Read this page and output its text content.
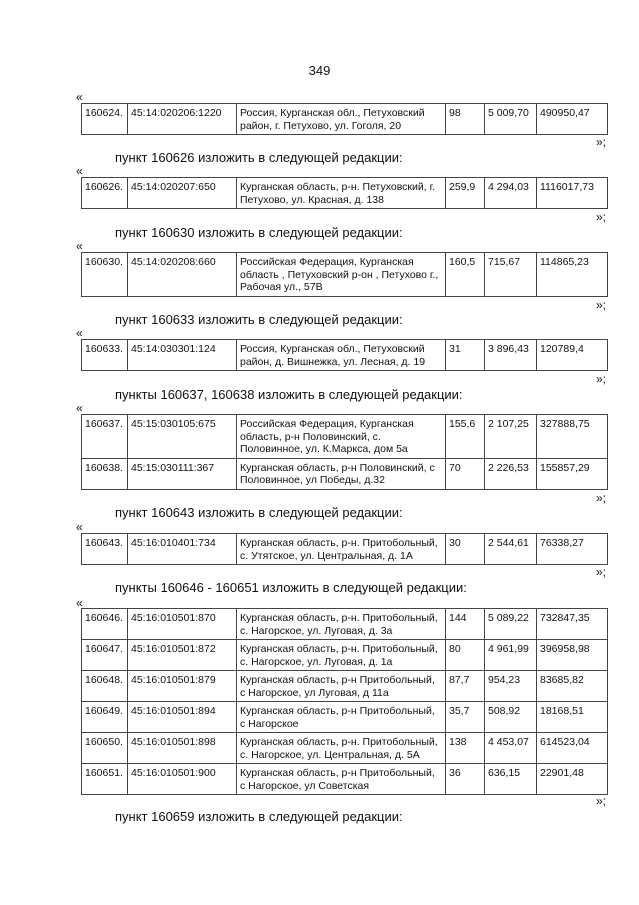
349
«
160624.	45:14:020206:1220	Россия, Курганская обл., Петуховский район, г. Петухово, ул. Гоголя, 20	98	5 009,70	490950,47
»;
пункт 160626 изложить в следующей редакции:
«
160626.	45:14:020207:650	Курганская область, р-н. Петуховский, г. Петухово, ул. Красная, д. 138	259,9	4 294,03	1116017,73
»;
пункт 160630 изложить в следующей редакции:
«
160630.	45:14:020208:660	Российская Федерация, Курганская область , Петуховский р-он , Петухово г., Рабочая ул., 57В	160,5	715,67	114865,23
»;
пункт 160633 изложить в следующей редакции:
«
160633.	45:14:030301:124	Россия, Курганская обл., Петуховский район, д. Вишнежка, ул. Лесная, д. 19	31	3 896,43	120789,4
»;
пункты 160637, 160638 изложить в следующей редакции:
«
160637.	45:15:030105:675	Российская Федерация, Курганская область, р-н Половинский, с. Половинное, ул. К.Маркса, дом 5а	155,6	2 107,25	327888,75
160638.	45:15:030111:367	Курганская область, р-н Половинский, с Половинное, ул Победы, д.32	70	2 226,53	155857,29
»;
пункт 160643 изложить в следующей редакции:
«
160643.	45:16:010401:734	Курганская область, р-н. Притобольный, с. Утятское, ул. Центральная, д. 1А	30	2 544,61	76338,27
»;
пункты 160646 - 160651 изложить в следующей редакции:
«
160646.	45:16:010501:870	Курганская область, р-н. Притобольный, с. Нагорское, ул. Луговая, д. 3а	144	5 089,22	732847,35
160647.	45:16:010501:872	Курганская область, р-н. Притобольный, с. Нагорское, ул. Луговая, д. 1а	80	4 961,99	396958,98
160648.	45:16:010501:879	Курганская область, р-н Притобольный, с Нагорское, ул Луговая, д 11а	87,7	954,23	83685,82
160649.	45:16:010501:894	Курганская область, р-н Притобольный, с Нагорское	35,7	508,92	18168,51
160650.	45:16:010501:898	Курганская область, р-н. Притобольный, с. Нагорское, ул. Центральная, д. 5А	138	4 453,07	614523,04
160651.	45:16:010501:900	Курганская область, р-н Притобольный, с Нагорское, ул Советская	36	636,15	22901,48
»;
пункт 160659 изложить в следующей редакции:
